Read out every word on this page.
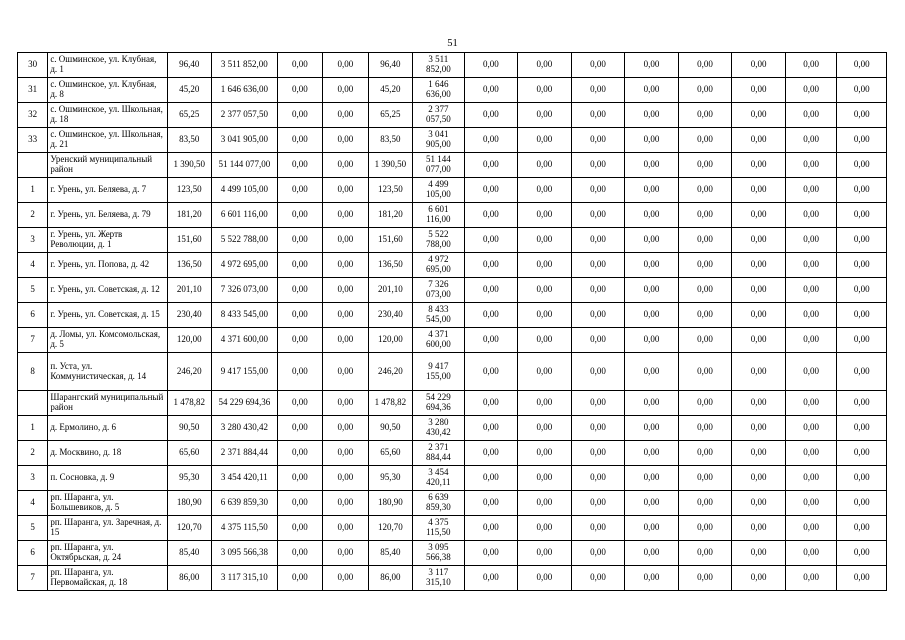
51
30	с. Ошминское, ул. Клубная, д. 1	96,40	3 511 852,00	0,00	0,00	96,40	3 511 852,00	0,00	0,00	0,00	0,00	0,00	0,00	0,00	0,00
31	с. Ошминское, ул. Клубная, д. 8	45,20	1 646 636,00	0,00	0,00	45,20	1 646 636,00	0,00	0,00	0,00	0,00	0,00	0,00	0,00	0,00
32	с. Ошминское, ул. Школьная, д. 18	65,25	2 377 057,50	0,00	0,00	65,25	2 377 057,50	0,00	0,00	0,00	0,00	0,00	0,00	0,00	0,00
33	с. Ошминское, ул. Школьная, д. 21	83,50	3 041 905,00	0,00	0,00	83,50	3 041 905,00	0,00	0,00	0,00	0,00	0,00	0,00	0,00	0,00
	Уренский муниципальный район	1 390,50	51 144 077,00	0,00	0,00	1 390,50	51 144 077,00	0,00	0,00	0,00	0,00	0,00	0,00	0,00	0,00
1	г. Урень, ул. Беляева, д. 7	123,50	4 499 105,00	0,00	0,00	123,50	4 499 105,00	0,00	0,00	0,00	0,00	0,00	0,00	0,00	0,00
2	г. Урень, ул. Беляева, д. 79	181,20	6 601 116,00	0,00	0,00	181,20	6 601 116,00	0,00	0,00	0,00	0,00	0,00	0,00	0,00	0,00
3	г. Урень, ул. Жертв Революции, д. 1	151,60	5 522 788,00	0,00	0,00	151,60	5 522 788,00	0,00	0,00	0,00	0,00	0,00	0,00	0,00	0,00
4	г. Урень, ул. Попова, д. 42	136,50	4 972 695,00	0,00	0,00	136,50	4 972 695,00	0,00	0,00	0,00	0,00	0,00	0,00	0,00	0,00
5	г. Урень, ул. Советская, д. 12	201,10	7 326 073,00	0,00	0,00	201,10	7 326 073,00	0,00	0,00	0,00	0,00	0,00	0,00	0,00	0,00
6	г. Урень, ул. Советская, д. 15	230,40	8 433 545,00	0,00	0,00	230,40	8 433 545,00	0,00	0,00	0,00	0,00	0,00	0,00	0,00	0,00
7	д. Ломы, ул. Комсомольская, д. 5	120,00	4 371 600,00	0,00	0,00	120,00	4 371 600,00	0,00	0,00	0,00	0,00	0,00	0,00	0,00	0,00
8	п. Уста, ул. Коммунистическая, д. 14	246,20	9 417 155,00	0,00	0,00	246,20	9 417 155,00	0,00	0,00	0,00	0,00	0,00	0,00	0,00	0,00
	Шарангский муниципальный район	1 478,82	54 229 694,36	0,00	0,00	1 478,82	54 229 694,36	0,00	0,00	0,00	0,00	0,00	0,00	0,00	0,00
1	д. Ермолино, д. 6	90,50	3 280 430,42	0,00	0,00	90,50	3 280 430,42	0,00	0,00	0,00	0,00	0,00	0,00	0,00	0,00
2	д. Москвино, д. 18	65,60	2 371 884,44	0,00	0,00	65,60	2 371 884,44	0,00	0,00	0,00	0,00	0,00	0,00	0,00	0,00
3	п. Сосновка, д. 9	95,30	3 454 420,11	0,00	0,00	95,30	3 454 420,11	0,00	0,00	0,00	0,00	0,00	0,00	0,00	0,00
4	рп. Шаранга, ул. Большевиков, д. 5	180,90	6 639 859,30	0,00	0,00	180,90	6 639 859,30	0,00	0,00	0,00	0,00	0,00	0,00	0,00	0,00
5	рп. Шаранга, ул. Заречная, д. 15	120,70	4 375 115,50	0,00	0,00	120,70	4 375 115,50	0,00	0,00	0,00	0,00	0,00	0,00	0,00	0,00
6	рп. Шаранга, ул. Октябрьская, д. 24	85,40	3 095 566,38	0,00	0,00	85,40	3 095 566,38	0,00	0,00	0,00	0,00	0,00	0,00	0,00	0,00
7	рп. Шаранга, ул. Первомайская, д. 18	86,00	3 117 315,10	0,00	0,00	86,00	3 117 315,10	0,00	0,00	0,00	0,00	0,00	0,00	0,00	0,00
